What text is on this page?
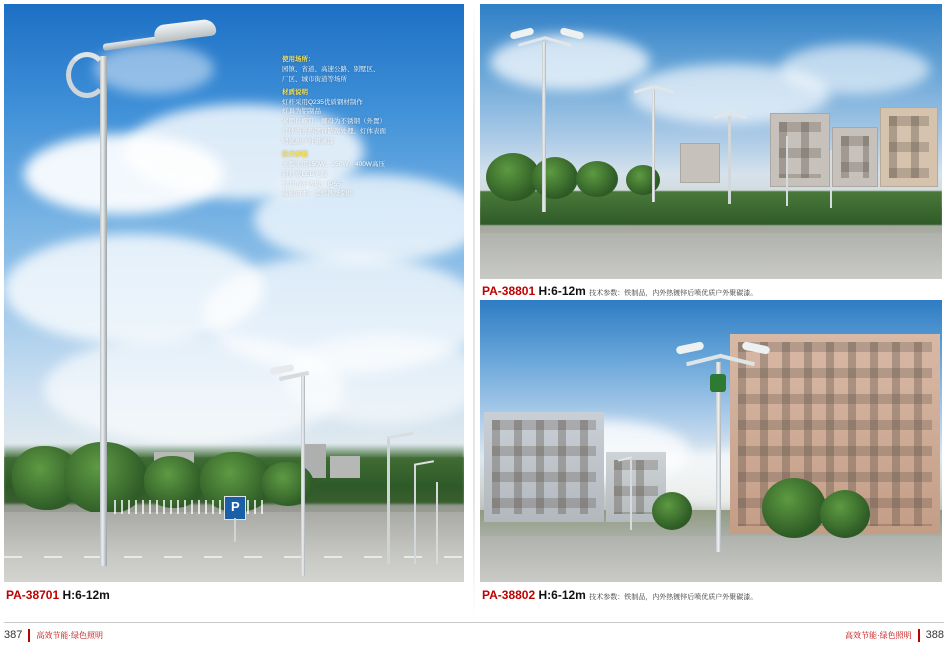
P
使用场所：
园镇、省道、高速公路、别墅区、
厂区、城市街道等场所
材质说明
灯杆采用Q235优质钢材制作
灯具为铝制品
紧固件螺钉、螺母为不锈钢（外置）
灯体内外热镀锌防腐处理、灯体表面
喷优质户外聚碳漆
技术参数
光源采用150W、250W、400W高压
钠灯或LED光源
灯具的护等级：IP55
基础由本厂提供图纸制作
PA-38701 H:6-12m
PA-38801 H:6-12m 技术参数：铁制品，内外热镀锌后喷优质户外聚碳漆。
PA-38802 H:6-12m 技术参数：铁制品，内外热镀锌后喷优质户外聚碳漆。
387 高效节能·绿色照明	高效节能·绿色照明 388
